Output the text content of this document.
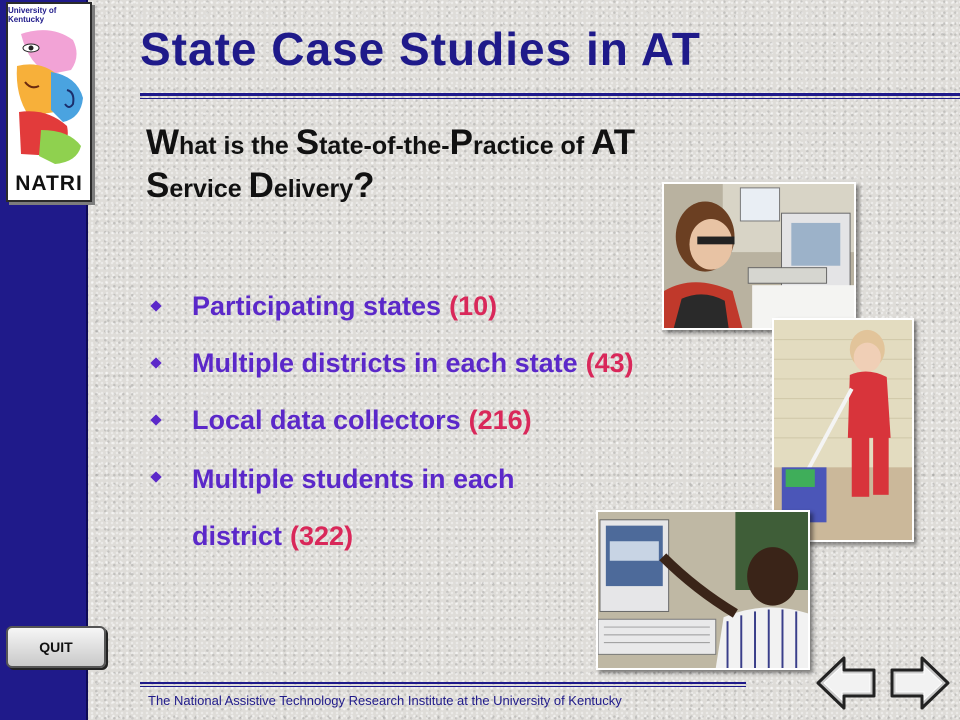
University of Kentucky
NATRI
State Case Studies in AT
What is the State-of-the-Practice of AT
Service Delivery?
Participating states (10)
Multiple districts in each state (43)
Local data collectors (216)
Multiple students in each
district (322)
QUIT
The National Assistive Technology Research Institute at the University of Kentucky
